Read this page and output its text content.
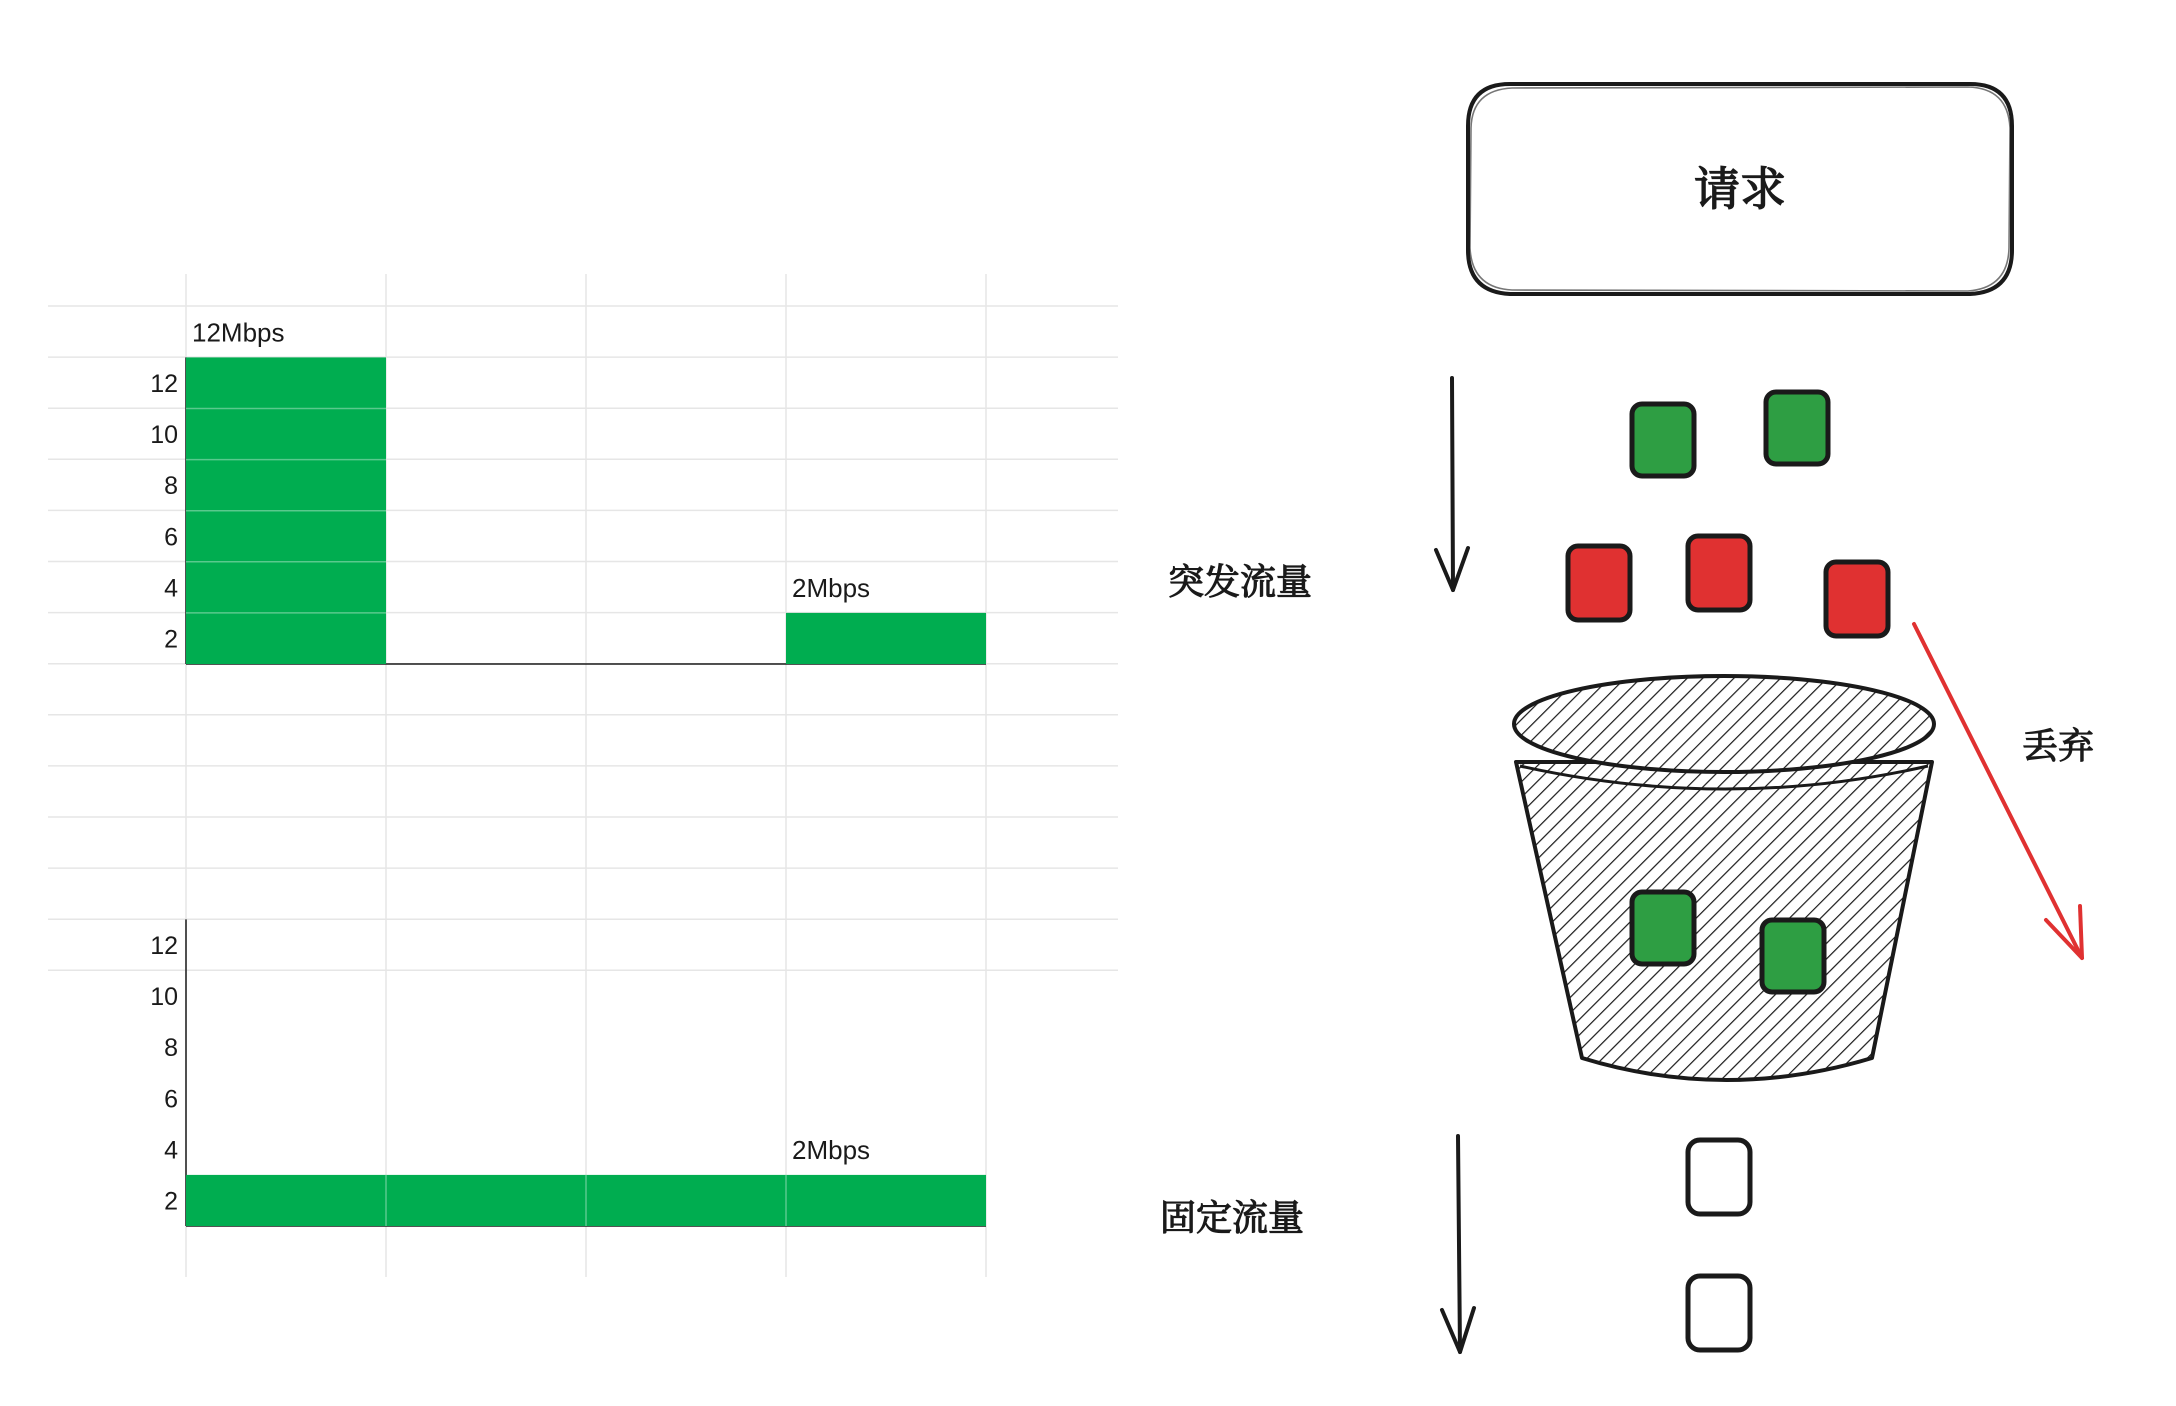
2
4
6
8
10
12
12Mbps
2Mbps
2
4
6
8
10
12
2Mbps
请求
突发流量
丢弃
固定流量
